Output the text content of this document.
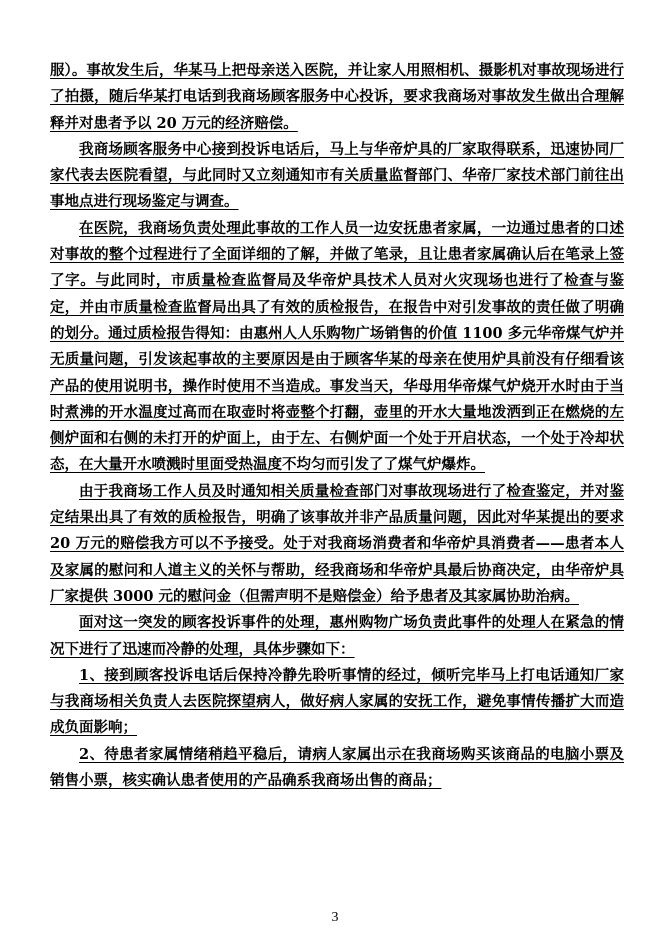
服）。事故发生后，华某马上把母亲送入医院，并让家人用照相机、摄影机对事故现场进行了拍摄，随后华某打电话到我商场顾客服务中心投诉，要求我商场对事故发生做出合理解释并对患者予以 20 万元的经济赔偿。

我商场顾客服务中心接到投诉电话后，马上与华帝炉具的厂家取得联系，迅速协同厂家代表去医院看望，与此同时又立刻通知市有关质量监督部门、华帝厂家技术部门前往出事地点进行现场鉴定与调查。

在医院，我商场负责处理此事故的工作人员一边安抚患者家属，一边通过患者的口述对事故的整个过程进行了全面详细的了解，并做了笔录，且让患者家属确认后在笔录上签了字。与此同时，市质量检查监督局及华帝炉具技术人员对火灾现场也进行了检查与鉴定，并由市质量检查监督局出具了有效的质检报告，在报告中对引发事故的责任做了明确的划分。通过质检报告得知：由惠州人人乐购物广场销售的价值 1100 多元华帝煤气炉并无质量问题，引发该起事故的主要原因是由于顾客华某的母亲在使用炉具前没有仔细看该产品的使用说明书，操作时使用不当造成。事发当天，华母用华帝煤气炉烧开水时由于当时煮沸的开水温度过高而在取壶时将壶整个打翻，壶里的开水大量地泼洒到正在燃烧的左侧炉面和右侧的未打开的炉面上，由于左、右侧炉面一个处于开启状态，一个处于冷却状态，在大量开水喷溅时里面受热温度不均匀而引发了了煤气炉爆炸。

由于我商场工作人员及时通知相关质量检查部门对事故现场进行了检查鉴定，并对鉴定结果出具了有效的质检报告，明确了该事故并非产品质量问题，因此对华某提出的要求 20 万元的赔偿我方可以不予接受。处于对我商场消费者和华帝炉具消费者——患者本人及家属的慰问和人道主义的关怀与帮助，经我商场和华帝炉具最后协商决定，由华帝炉具厂家提供 3000 元的慰问金（但需声明不是赔偿金）给予患者及其家属协助治病。

面对这一突发的顾客投诉事件的处理，惠州购物广场负责此事件的处理人在紧急的情况下进行了迅速而冷静的处理，具体步骤如下：

1、接到顾客投诉电话后保持冷静先聆听事情的经过，倾听完毕马上打电话通知厂家与我商场相关负责人去医院探望病人，做好病人家属的安抚工作，避免事情传播扩大而造成负面影响；

2、待患者家属情绪稍趋平稳后，请病人家属出示在我商场购买该商品的电脑小票及销售小票，核实确认患者使用的产品确系我商场出售的商品；

3
